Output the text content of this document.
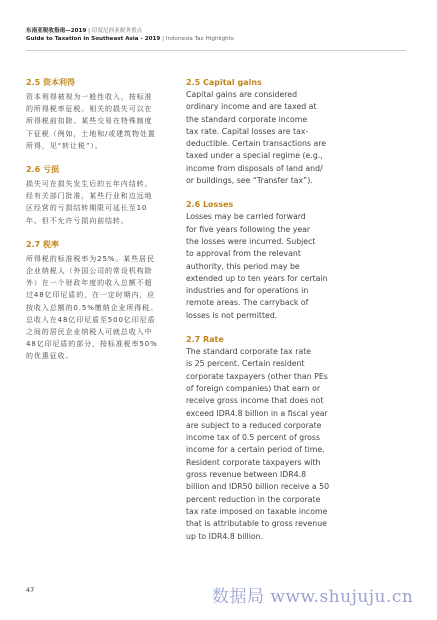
东南亚税收指南—2019 | 印度尼西亚税务重点
Guide to Taxation in Southeast Asia - 2019 | Indonesia Tax Highlights
2.5 资本利得
资本利得被视为一般性收入，按标准
的所得税率征税。相关的损失可以在
所得税前扣除。某些交易在特殊制度
下征税（例如，土地和/或建筑物处置
所得，见“转让税”）。
2.6 亏损
损失可在损失发生后的五年内结转。
经有关部门批准，某些行业和边远地
区经营的亏损结转期限可延长至10
年。但不允许亏损向前结转。
2.7 税率
所得税的标准税率为25%。某些居民
企业纳税人（外国公司的常设机构除
外）在一个财政年度的收入总额不超
过48亿印尼盾的，在一定时期内，应
按收入总额的0.5%缴纳企业所得税。
总收入在48亿印尼盾至500亿印尼盾
之间的居民企业纳税人可就总收入中
48亿印尼盾的部分，按标准税率50%
的优惠征收。
2.5 Capital gains
Capital gains are considered
ordinary income and are taxed at
the standard corporate income
tax rate. Capital losses are tax-
deductible. Certain transactions are
taxed under a special regime (e.g.,
income from disposals of land and/
or buildings, see “Transfer tax”).
2.6 Losses
Losses may be carried forward
for five years following the year
the losses were incurred. Subject
to approval from the relevant
authority, this period may be
extended up to ten years for certain
industries and for operations in
remote areas. The carryback of
losses is not permitted.
2.7 Rate
The standard corporate tax rate
is 25 percent. Certain resident
corporate taxpayers (other than PEs
of foreign companies) that earn or
receive gross income that does not
exceed IDR4.8 billion in a fiscal year
are subject to a reduced corporate
income tax of 0.5 percent of gross
income for a certain period of time.
Resident corporate taxpayers with
gross revenue between IDR4.8
billion and IDR50 billion receive a 50
percent reduction in the corporate
tax rate imposed on taxable income
that is attributable to gross revenue
up to IDR4.8 billion.
47	数据局 www.shujuju.cn
